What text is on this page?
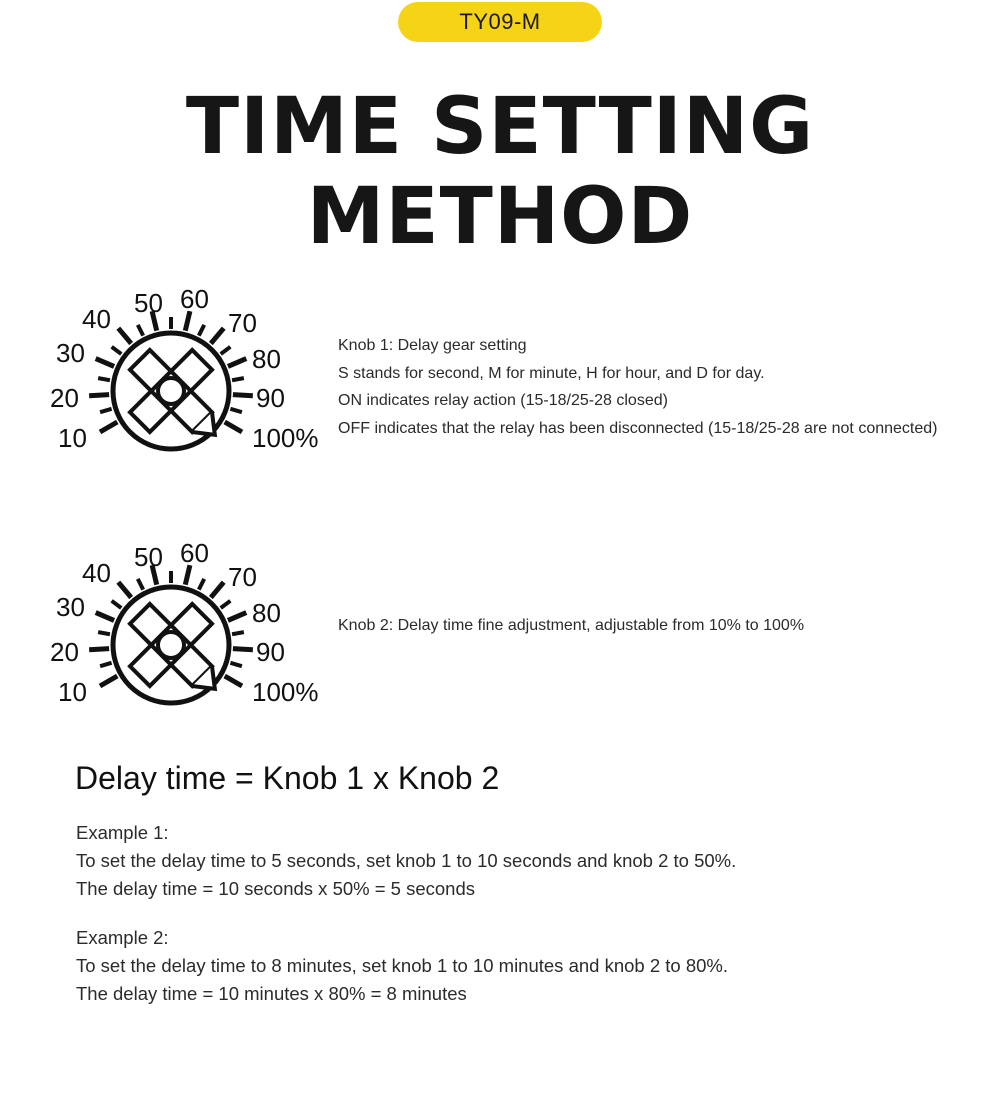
TY09-M
TIME SETTING METHOD
10
20
30
40
50 60
70
80
90
100%
Knob 1: Delay gear setting
S stands for second, M for minute, H for hour, and D for day.
ON indicates relay action (15-18/25-28 closed)
OFF indicates that the relay has been disconnected (15-18/25-28 are not connected)
10
20
30
40
50 60
70
80
90
100%
Knob 2: Delay time fine adjustment, adjustable from 10% to 100%
Delay time = Knob 1 x Knob 2
Example 1:
To set the delay time to 5 seconds, set knob 1 to 10 seconds and knob 2 to 50%.
The delay time = 10 seconds x 50% = 5 seconds
Example 2:
To set the delay time to 8 minutes, set knob 1 to 10 minutes and knob 2 to 80%.
The delay time = 10 minutes x 80% = 8 minutes
